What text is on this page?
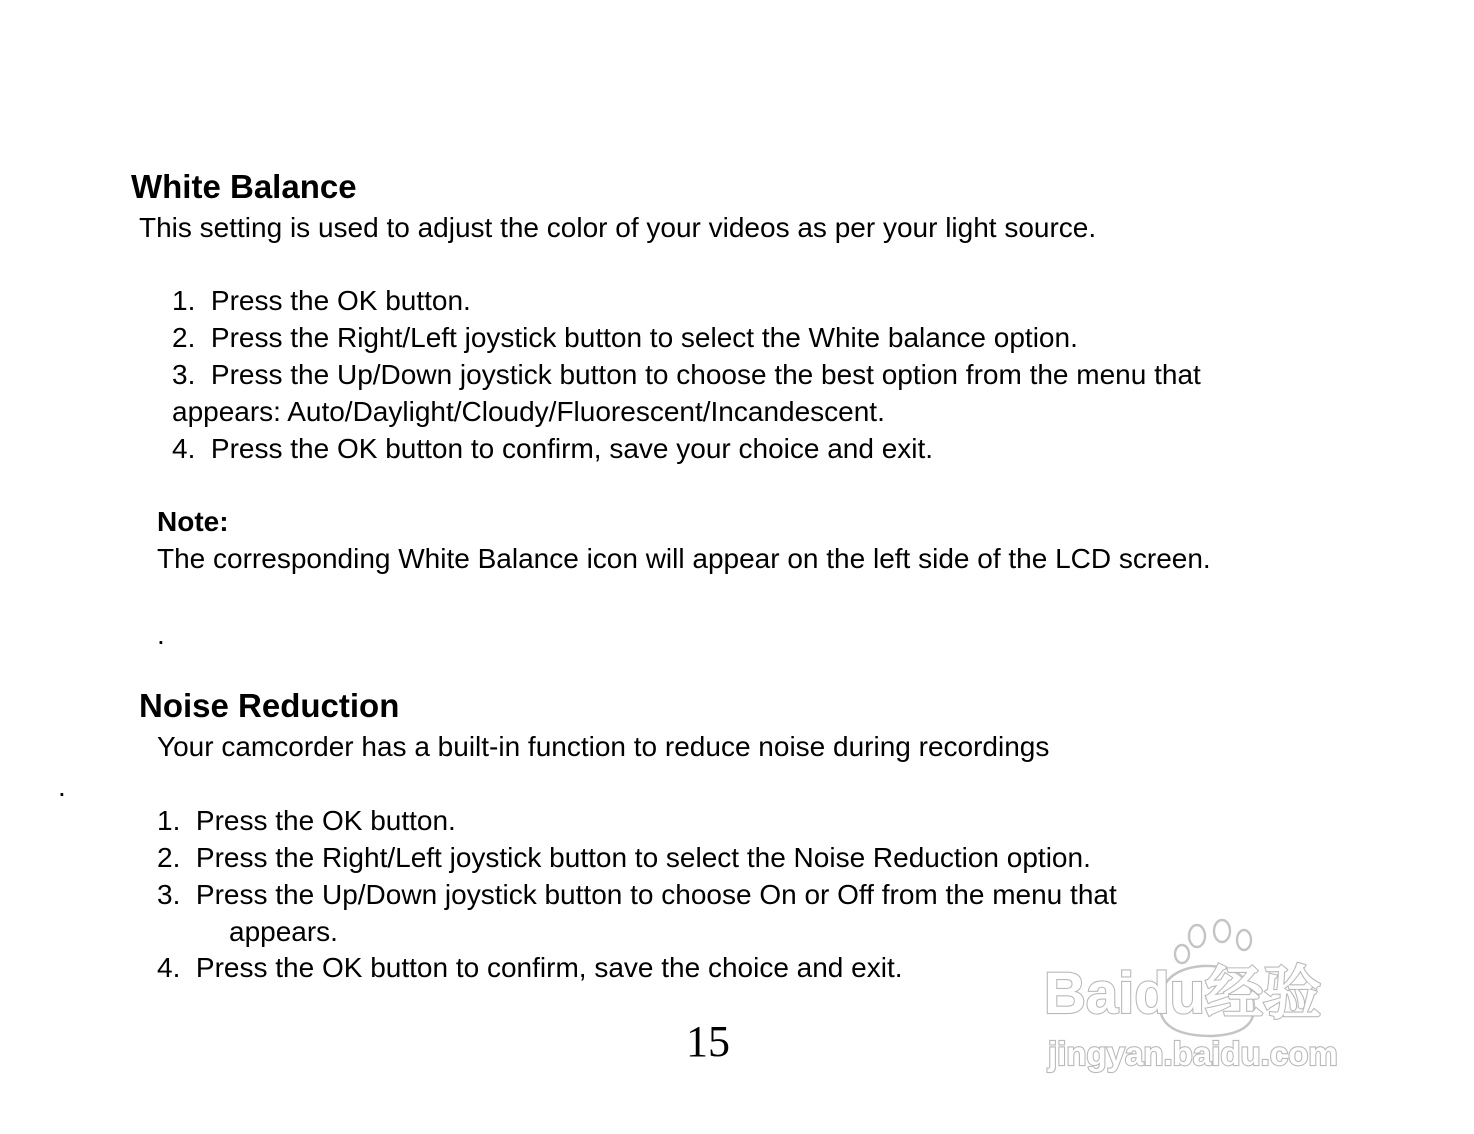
White Balance
This setting is used to adjust the color of your videos as per your light source.
1. Press the OK button.
2. Press the Right/Left joystick button to select the White balance option.
3. Press the Up/Down joystick button to choose the best option from the menu that
appears: Auto/Daylight/Cloudy/Fluorescent/Incandescent.
4. Press the OK button to confirm, save your choice and exit.
Note:
The corresponding White Balance icon will appear on the left side of the LCD screen.
.
Noise Reduction
Your camcorder has a built-in function to reduce noise during recordings
.
1. Press the OK button.
2. Press the Right/Left joystick button to select the Noise Reduction option.
3. Press the Up/Down joystick button to choose On or Off from the menu that
appears.
4. Press the OK button to confirm, save the choice and exit.
15
Baidu经验
jingyan.baidu.com
